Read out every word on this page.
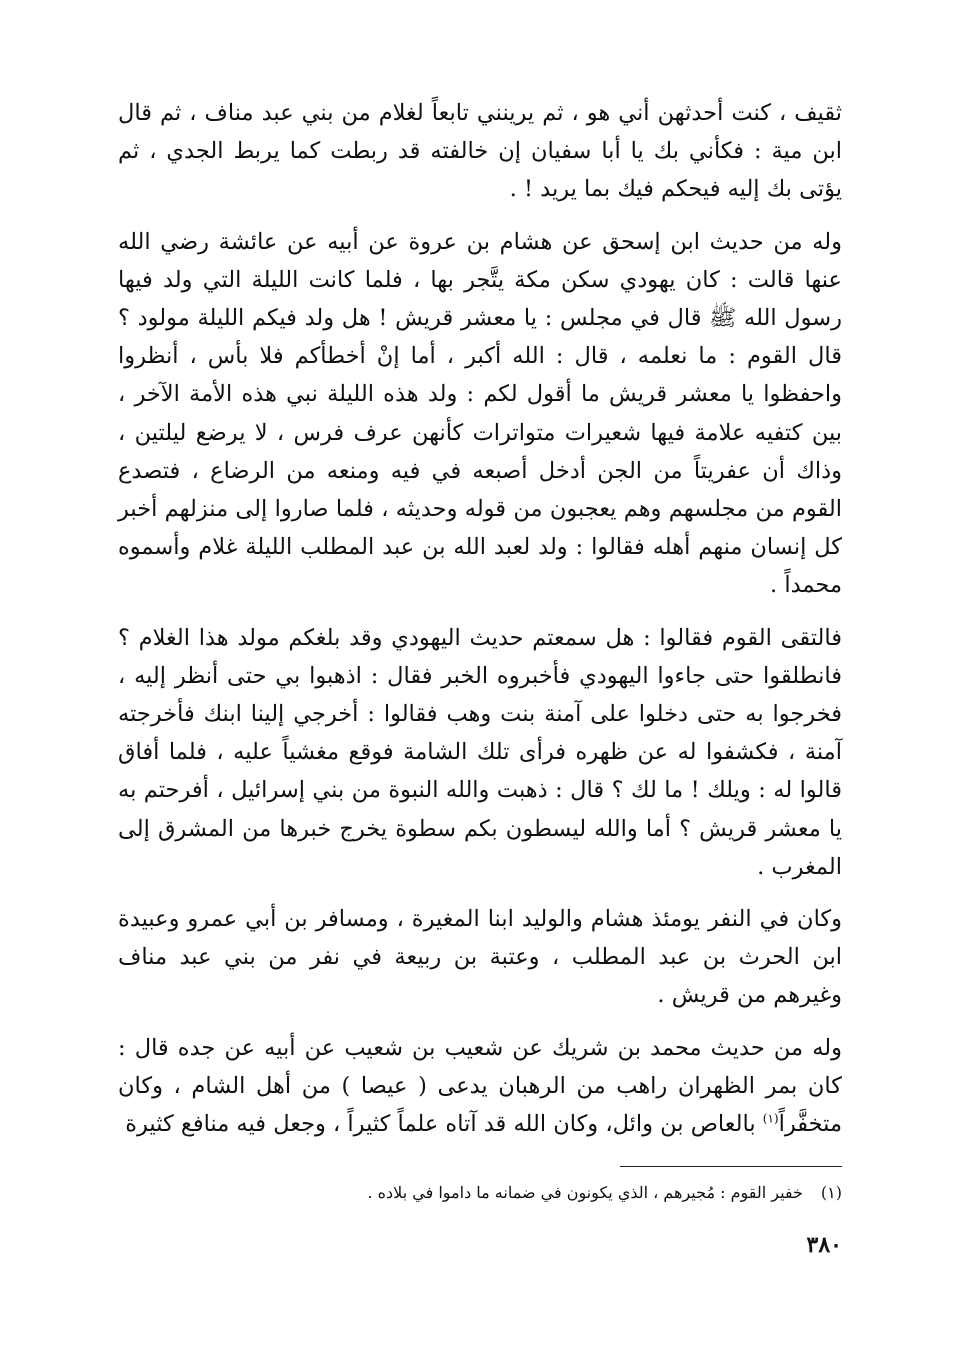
ثقيف ، كنت أحدثهن أني هو ، ثم يرينني تابعاً لغلام من بني عبد مناف ، ثم قال ابن مية : فكأني بك يا أبا سفيان إن خالفته قد ربطت كما يربط الجدي ، ثم يؤتى بك إليه فيحكم فيك بما يريد ! .

وله من حديث ابن إسحق عن هشام بن عروة عن أبيه عن عائشة رضي الله عنها قالت : كان يهودي سكن مكة يتَّجر بها ، فلما كانت الليلة التي ولد فيها رسول الله ﷺ قال في مجلس : يا معشر قريش ! هل ولد فيكم الليلة مولود ؟ قال القوم : ما نعلمه ، قال : الله أكبر ، أما إنْ أخطأكم فلا بأس ، أنظروا واحفظوا يا معشر قريش ما أقول لكم : ولد هذه الليلة نبي هذه الأمة الآخر ، بين كتفيه علامة فيها شعيرات متواترات كأنهن عرف فرس ، لا يرضع ليلتين ، وذاك أن عفريتاً من الجن أدخل أصبعه في فيه ومنعه من الرضاع ، فتصدع القوم من مجلسهم وهم يعجبون من قوله وحديثه ، فلما صاروا إلى منزلهم أخبر كل إنسان منهم أهله فقالوا : ولد لعبد الله بن عبد المطلب الليلة غلام وأسموه محمداً .

فالتقى القوم فقالوا : هل سمعتم حديث اليهودي وقد بلغكم مولد هذا الغلام ؟ فانطلقوا حتى جاءوا اليهودي فأخبروه الخبر فقال : اذهبوا بي حتى أنظر إليه ، فخرجوا به حتى دخلوا على آمنة بنت وهب فقالوا : أخرجي إلينا ابنك فأخرجته آمنة ، فكشفوا له عن ظهره فرأى تلك الشامة فوقع مغشياً عليه ، فلما أفاق قالوا له : ويلك ! ما لك ؟ قال : ذهبت والله النبوة من بني إسرائيل ، أفرحتم به يا معشر قريش ؟ أما والله ليسطون بكم سطوة يخرج خبرها من المشرق إلى المغرب .

وكان في النفر يومئذ هشام والوليد ابنا المغيرة ، ومسافر بن أبي عمرو وعبيدة ابن الحرث بن عبد المطلب ، وعتبة بن ربيعة في نفر من بني عبد مناف وغيرهم من قريش .

وله من حديث محمد بن شريك عن شعيب بن شعيب عن أبيه عن جده قال : كان بمر الظهران راهب من الرهبان يدعى ( عيصا ) من أهل الشام ، وكان متخفَّراً$^{(١)}$ بالعاص بن وائل، وكان الله قد آتاه علماً كثيراً ، وجعل فيه منافع كثيرة

(١)خفير القوم : مُجيرهم ، الذي يكونون في ضمانه ما داموا في بلاده .
٣٨٠
